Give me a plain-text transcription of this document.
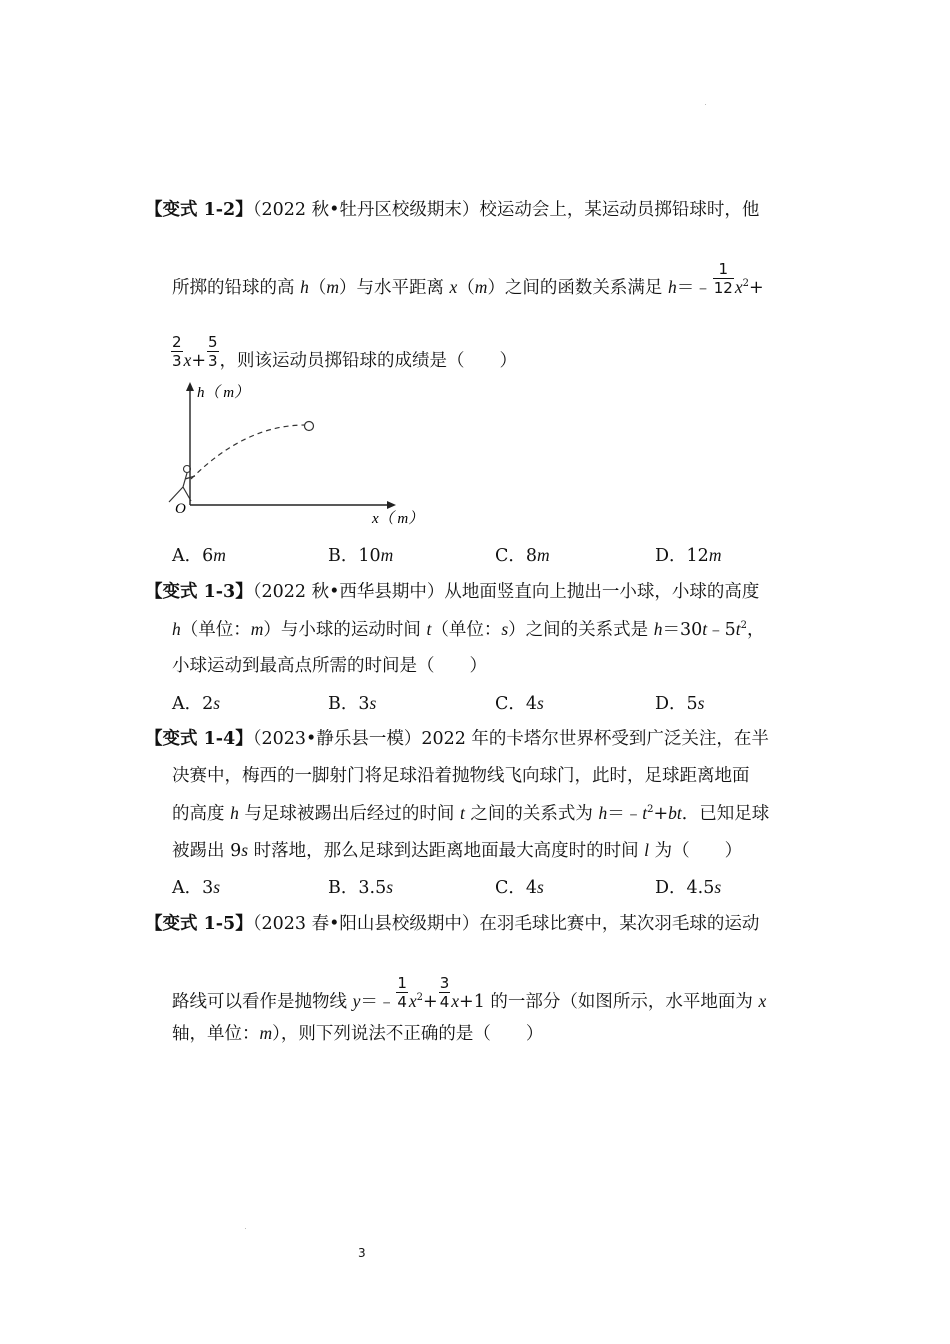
【变式 1-2】（2022 秋•牡丹区校级期末）校运动会上，某运动员掷铅球时，他
所掷的铅球的高 h（m）与水平距离 x（m）之间的函数关系满足 h＝﹣ $\frac{1}{12} x^2+$
$\frac{2}{3} x+ \frac{5}{3}$ ，则该运动员掷铅球的成绩是（　　）
h（ m）
O
x（ m）
A．6m	B．10m	C．8m	D．12m
【变式 1-3】（2022 秋•西华县期中）从地面竖直向上抛出一小球，小球的高度
h（单位：m）与小球的运动时间 t（单位：s）之间的关系式是 $h=30t﹣5t^2$，
小球运动到最高点所需的时间是（　　）
A．2s	B．3s	C．4s	D．5s
【变式 1-4】（2023•静乐县一模）2022 年的卡塔尔世界杯受到广泛关注，在半
决赛中，梅西的一脚射门将足球沿着抛物线飞向球门，此时，足球距离地面
的高度 h 与足球被踢出后经过的时间 t 之间的关系式为 $h=﹣t^2+bt$．已知足球
被踢出 9s 时落地，那么足球到达距离地面最大高度时的时间 l 为（　　）
A．3s	B．3.5s	C．4s	D．4.5s
【变式 1-5】（2023 春•阳山县校级期中）在羽毛球比赛中，某次羽毛球的运动
路线可以看作是抛物线 y＝﹣ $\frac{1}{4} x^2+ \frac{3}{4} x+1$ 的一部分（如图所示，水平地面为 x
轴，单位：m），则下列说法不正确的是（　　）
3
